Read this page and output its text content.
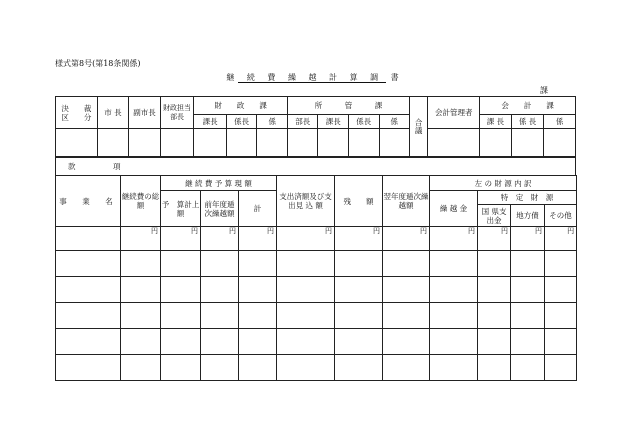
様式第8号(第18条関係)
継 続 費 繰 越 計 算 調 書
課
決　　裁
区　　分	市 長	副市長	財政担当部長	財　　政　　課			所　　　管　　　課				合　議	会計管理者	会　　計　　課		
				課長	係長	係	部長	課長	係長	係			課 長	係 長	係

款　　　　　項
事　業　名	継続費の総　　額	継 続 費 予 算 現 額			支出済額及び支出見 込 額	残　　額	翌年度逓次繰越額	左 の 財 源 内 訳			
		予　算計上額	前年度逓　次繰越額	計				繰 越 金	特　定　財　源		
									国 県支出金	地方債	その他
	円	円	円	円	円	円	円	円	円	円	円
